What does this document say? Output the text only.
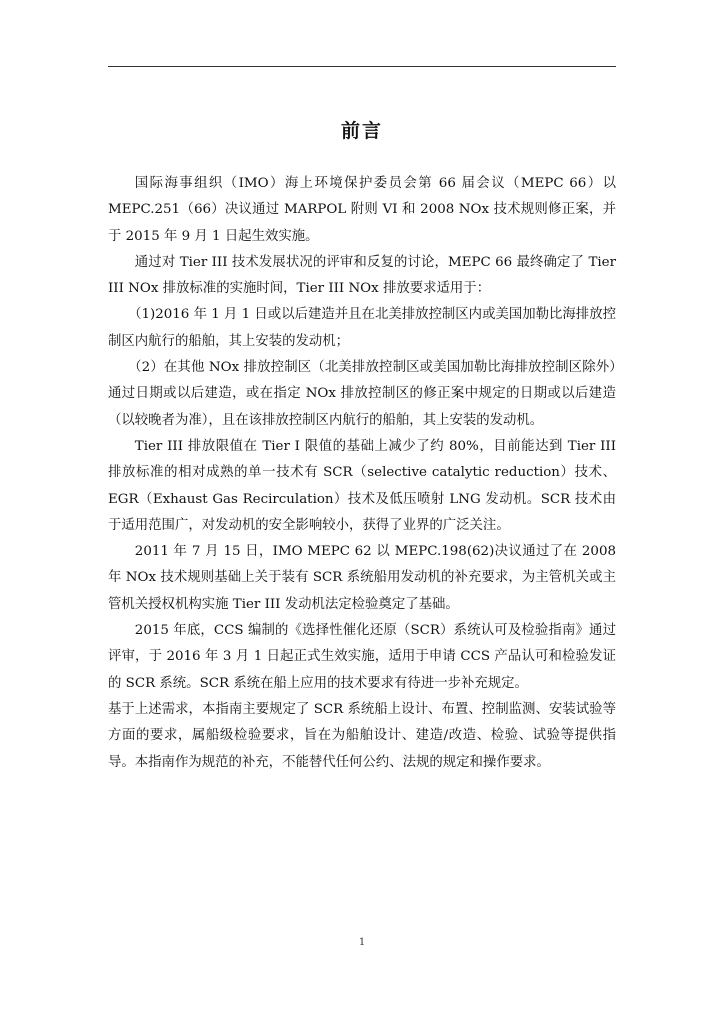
前言

国际海事组织（IMO）海上环境保护委员会第 66 届会议（MEPC 66）以 MEPC.251（66）决议通过 MARPOL 附则 VI 和 2008 NOx 技术规则修正案，并于 2015 年 9 月 1 日起生效实施。

通过对 Tier III 技术发展状况的评审和反复的讨论，MEPC 66 最终确定了 Tier III NOx 排放标准的实施时间，Tier III NOx 排放要求适用于：

（1)2016 年 1 月 1 日或以后建造并且在北美排放控制区内或美国加勒比海排放控制区内航行的船舶，其上安装的发动机；

（2）在其他 NOx 排放控制区（北美排放控制区或美国加勒比海排放控制区除外）通过日期或以后建造，或在指定 NOx 排放控制区的修正案中规定的日期或以后建造（以较晚者为准），且在该排放控制区内航行的船舶，其上安装的发动机。

Tier III 排放限值在 Tier I 限值的基础上减少了约 80%，目前能达到 Tier III 排放标准的相对成熟的单一技术有 SCR（selective catalytic reduction）技术、EGR（Exhaust Gas Recirculation）技术及低压喷射 LNG 发动机。SCR 技术由于适用范围广，对发动机的安全影响较小，获得了业界的广泛关注。

2011 年 7 月 15 日，IMO MEPC 62 以 MEPC.198(62)决议通过了在 2008 年 NOx 技术规则基础上关于装有 SCR 系统船用发动机的补充要求，为主管机关或主管机关授权机构实施 Tier III 发动机法定检验奠定了基础。

2015 年底，CCS 编制的《选择性催化还原（SCR）系统认可及检验指南》通过评审，于 2016 年 3 月 1 日起正式生效实施，适用于申请 CCS 产品认可和检验发证的 SCR 系统。SCR 系统在船上应用的技术要求有待进一步补充规定。

基于上述需求，本指南主要规定了 SCR 系统船上设计、布置、控制监测、安装试验等方面的要求，属船级检验要求，旨在为船舶设计、建造/改造、检验、试验等提供指导。本指南作为规范的补充，不能替代任何公约、法规的规定和操作要求。

1
